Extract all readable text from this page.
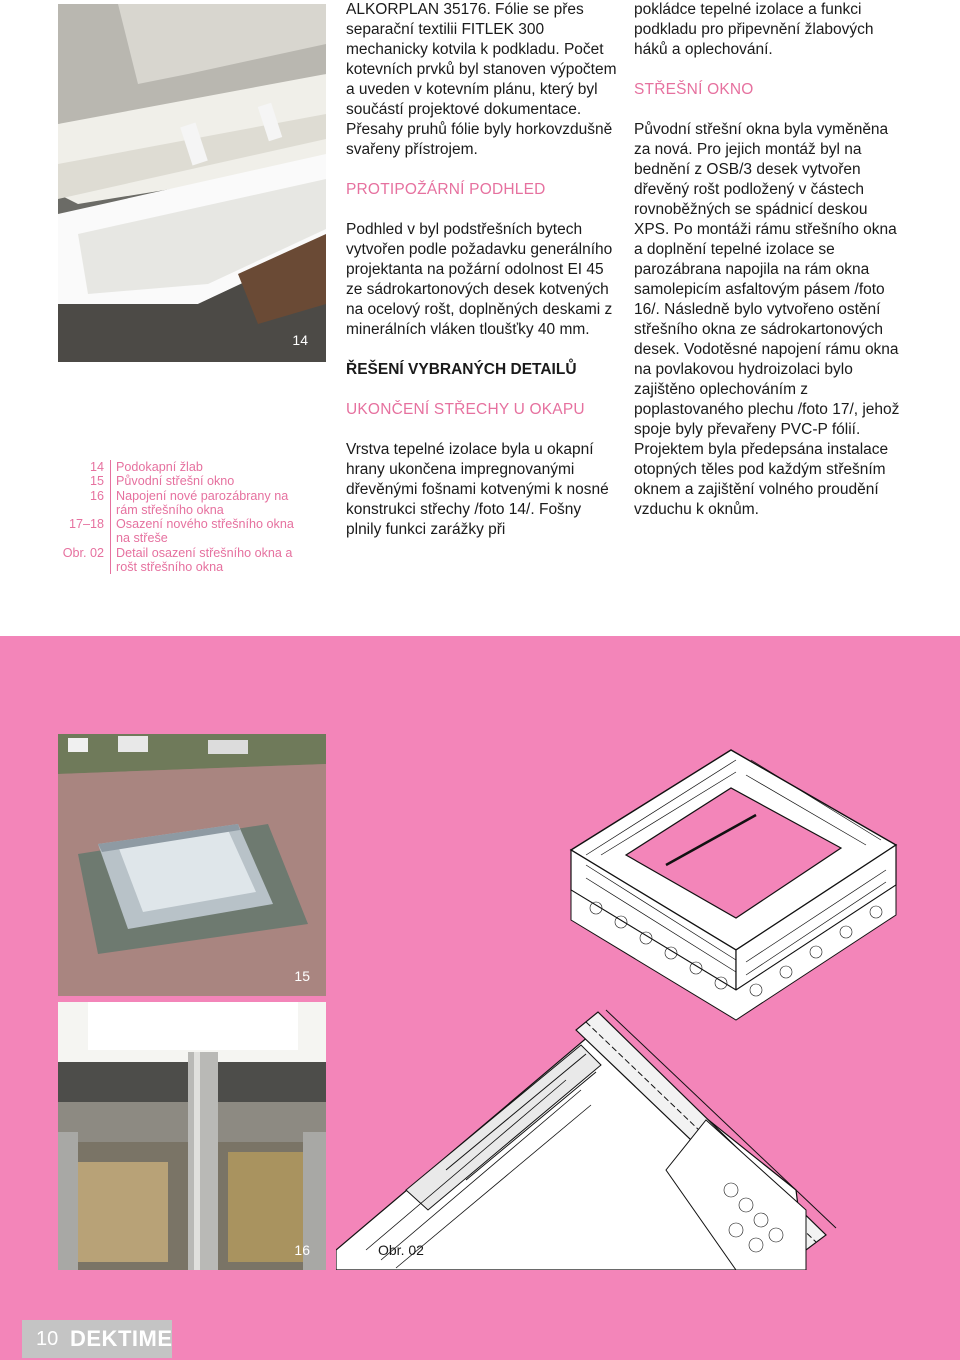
14
14 Podokapní žlab
15 Původní střešní okno
16 Napojení nové parozábrany na rám střešního okna
17–18 Osazení nového střešního okna na střeše
Obr. 02 Detail osazení střešního okna a rošt střešního okna

ALKORPLAN 35176. Fólie se přes separační textilii FITLEK 300 mechanicky kotvila k podkladu. Počet kotevních prvků byl stanoven výpočtem a uveden v kotevním plánu, který byl součástí projektové dokumentace. Přesahy pruhů fólie byly horkovzdušně svařeny přístrojem.

PROTIPOŽÁRNÍ PODHLED

Podhled v byl podstřešních bytech vytvořen podle požadavku generálního projektanta na požární odolnost EI 45 ze sádrokartonových desek kotvených na ocelový rošt, doplněných deskami z minerálních vláken tloušťky 40 mm.

ŘEŠENÍ VYBRANÝCH DETAILŮ

UKONČENÍ STŘECHY U OKAPU

Vrstva tepelné izolace byla u okapní hrany ukončena impregnovanými dřevěnými fošnami kotvenými k nosné konstrukci střechy /foto 14/. Fošny plnily funkci zarážky při

pokládce tepelné izolace a funkci podkladu pro připevnění žlabových háků a oplechování.

STŘEŠNÍ OKNO

Původní střešní okna byla vyměněna za nová. Pro jejich montáž byl na bednění z OSB/3 desek vytvořen dřevěný rošt podložený v částech rovnoběžných se spádnicí deskou XPS. Po montáži rámu střešního okna a doplnění tepelné izolace se parozábrana napojila na rám okna samolepicím asfaltovým pásem /foto 16/. Následně bylo vytvořeno ostění střešního okna ze sádrokartonových desek. Vodotěsné napojení rámu okna na povlakovou hydroizolaci bylo zajištěno oplechováním z poplastovaného plechu /foto 17/, jehož spoje byly převařeny PVC-P fólií. Projektem byla předepsána instalace otopných těles pod každým střešním oknem a zajištění volného proudění vzduchu k oknům.

15
16	Obr. 02
10 DEKTIME
